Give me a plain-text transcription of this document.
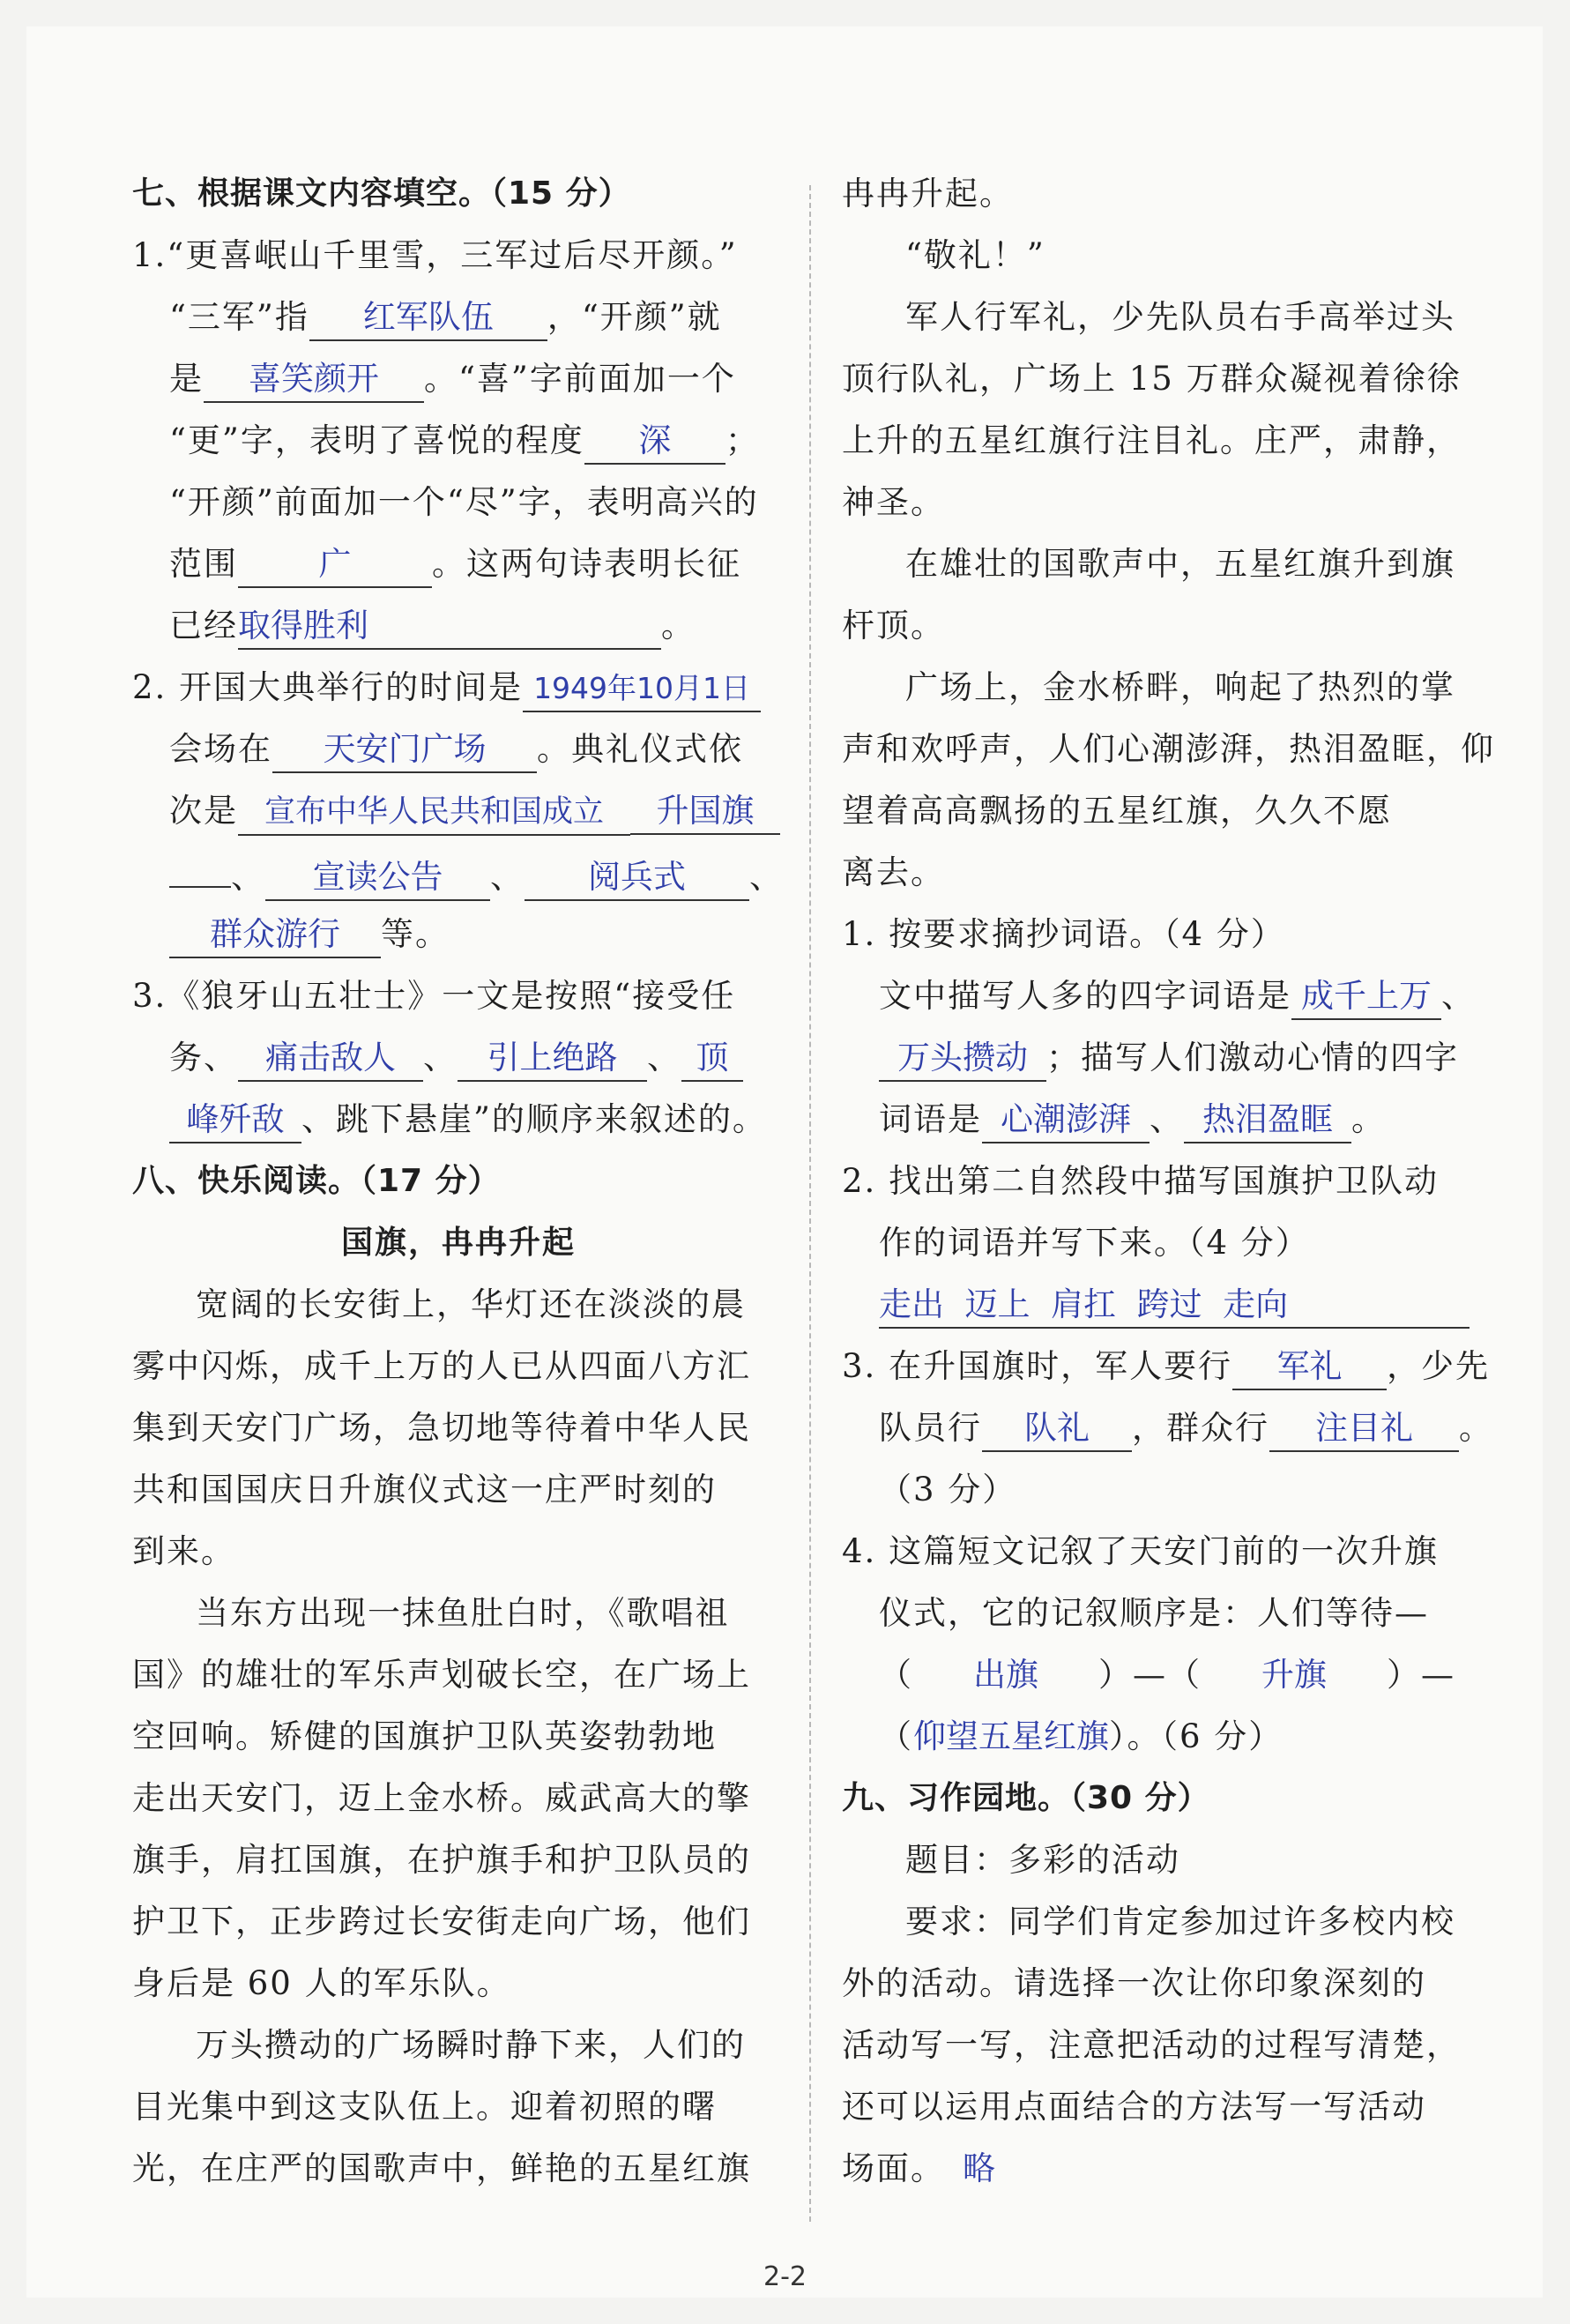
七、根据课文内容填空。（15 分）
1.“更喜岷山千里雪，三军过后尽开颜。”
“三军”指 红军队伍 ，“开颜”就
是 喜笑颜开 。“喜”字前面加一个
“更”字，表明了喜悦的程度 深 ；
“开颜”前面加一个“尽”字，表明高兴的
范围 广 。这两句诗表明长征
已经取得胜利	。
2. 开国大典举行的时间是 1949年10月1日
会场在 天安门广场 。典礼仪式依
次是 宣布中华人民共和国成立 升国旗
、 宣读公告 、 阅兵式 、
群众游行 等。
3.《狼牙山五壮士》一文是按照“接受任
务、 痛击敌人 、 引上绝路 、 顶
峰歼敌 、跳下悬崖”的顺序来叙述的。
八、快乐阅读。（17 分）
国旗，冉冉升起
宽阔的长安街上，华灯还在淡淡的晨
雾中闪烁，成千上万的人已从四面八方汇
集到天安门广场，急切地等待着中华人民
共和国国庆日升旗仪式这一庄严时刻的
到来。
当东方出现一抹鱼肚白时，《歌唱祖
国》的雄壮的军乐声划破长空，在广场上
空回响。矫健的国旗护卫队英姿勃勃地
走出天安门，迈上金水桥。威武高大的擎
旗手，肩扛国旗，在护旗手和护卫队员的
护卫下，正步跨过长安街走向广场，他们
身后是 60 人的军乐队。
万头攒动的广场瞬时静下来，人们的
目光集中到这支队伍上。迎着初照的曙
光，在庄严的国歌声中，鲜艳的五星红旗
冉冉升起。
“敬礼！”
军人行军礼，少先队员右手高举过头
顶行队礼，广场上 15 万群众凝视着徐徐
上升的五星红旗行注目礼。庄严，肃静，
神圣。
在雄壮的国歌声中，五星红旗升到旗
杆顶。
广场上，金水桥畔，响起了热烈的掌
声和欢呼声，人们心潮澎湃，热泪盈眶，仰
望着高高飘扬的五星红旗，久久不愿
离去。
1. 按要求摘抄词语。（4 分）
文中描写人多的四字词语是 成千上万 、
万头攒动 ；描写人们激动心情的四字
词语是 心潮澎湃 、 热泪盈眶 。
2. 找出第二自然段中描写国旗护卫队动
作的词语并写下来。（4 分）
走出  迈上  肩扛  跨过  走向
3. 在升国旗时，军人要行 军礼 ，少先
队员行 队礼 ，群众行 注目礼 。
（3 分）
4. 这篇短文记叙了天安门前的一次升旗
仪式，它的记叙顺序是：人们等待—
（ 出旗 ）—（ 升旗 ）—
（仰望五星红旗）。（6 分）
九、习作园地。（30 分）
题目：多彩的活动
要求：同学们肯定参加过许多校内校
外的活动。请选择一次让你印象深刻的
活动写一写，注意把活动的过程写清楚，
还可以运用点面结合的方法写一写活动
场面。 略
2-2
